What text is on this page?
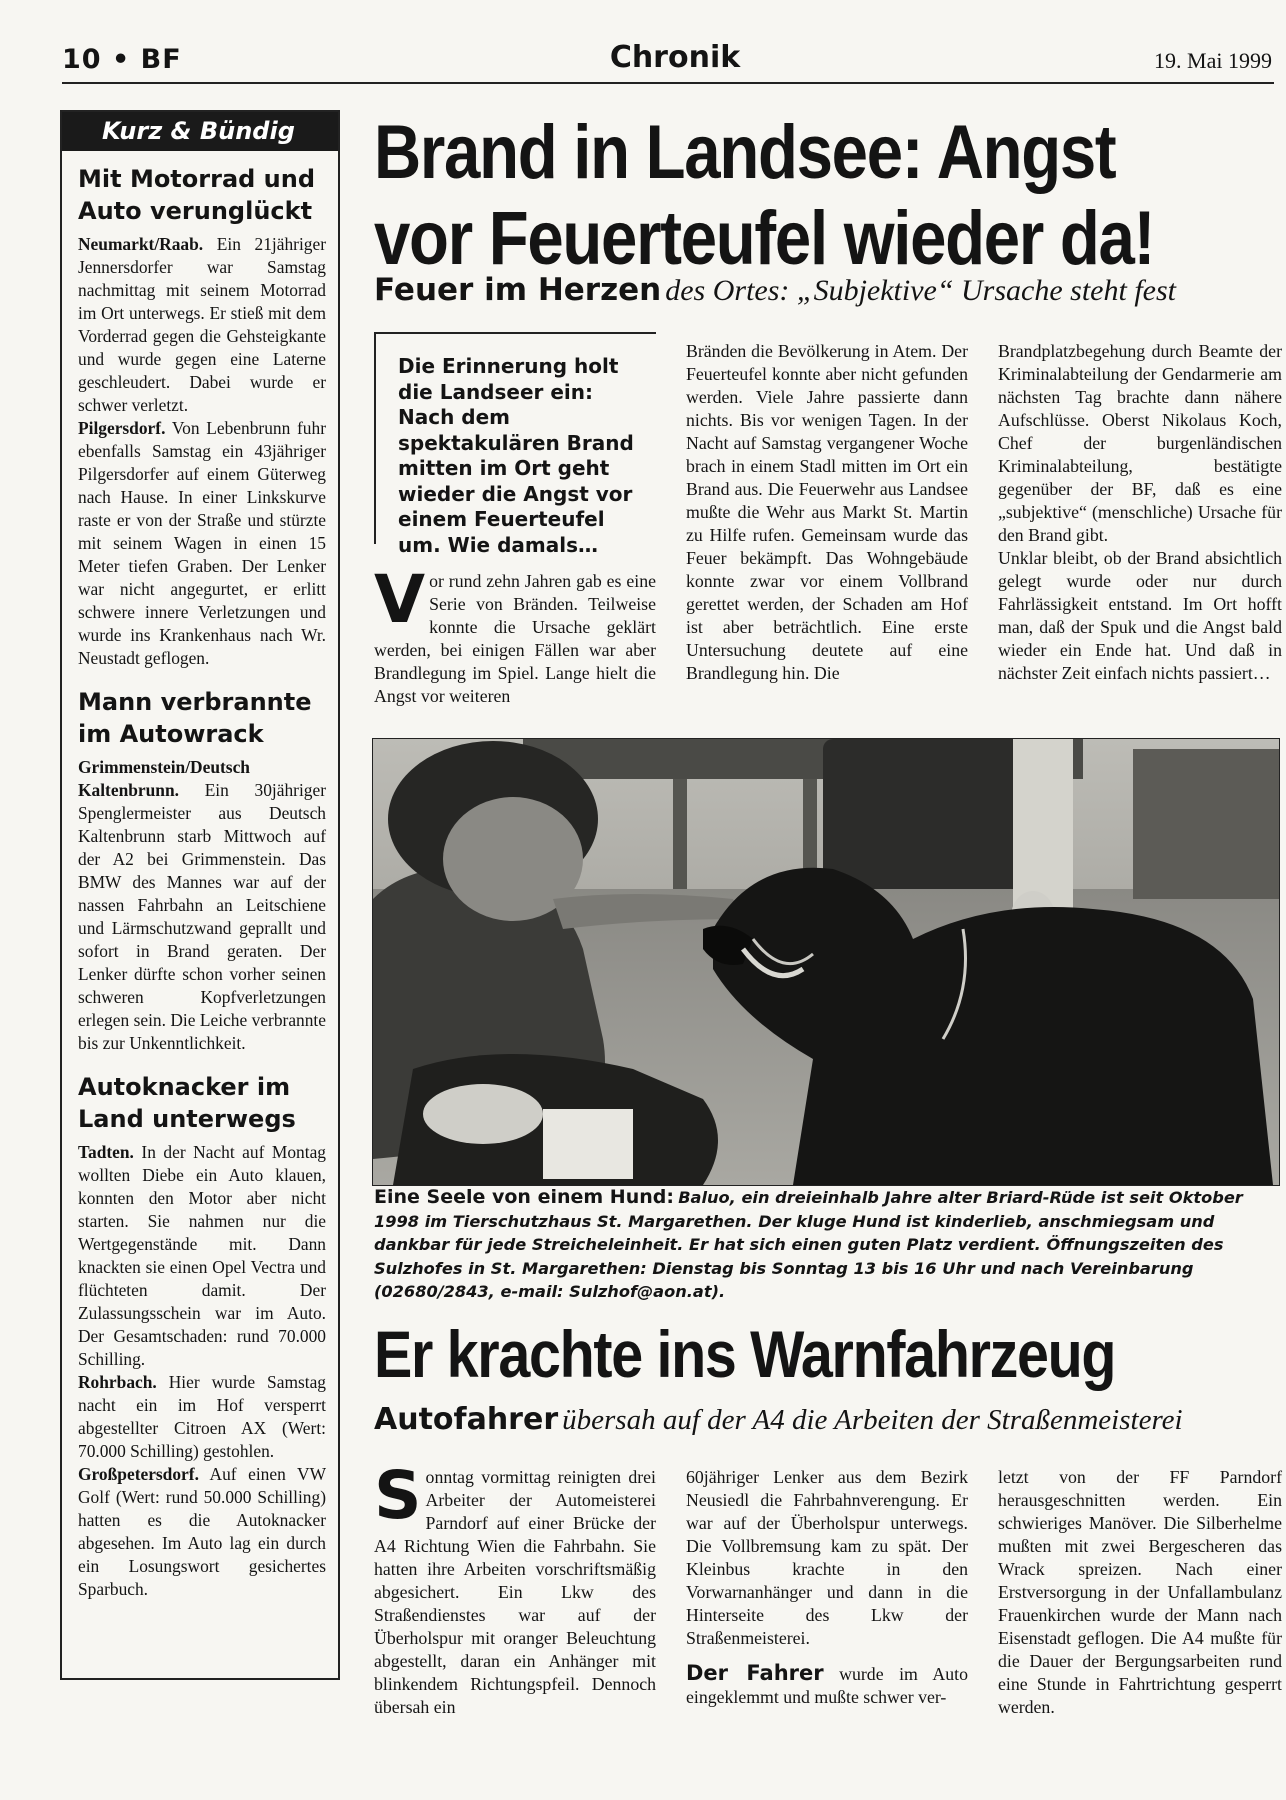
10 • BF	Chronik	19. Mai 1999
Kurz & Bündig
Mit Motorrad und Auto verunglückt
Neumarkt/Raab. Ein 21jähriger Jennersdorfer war Samstag nachmittag mit seinem Motorrad im Ort unterwegs. Er stieß mit dem Vorderrad gegen die Gehsteigkante und wurde gegen eine Laterne geschleudert. Dabei wurde er schwer verletzt.
Pilgersdorf. Von Lebenbrunn fuhr ebenfalls Samstag ein 43jähriger Pilgersdorfer auf einem Güterweg nach Hause. In einer Linkskurve raste er von der Straße und stürzte mit seinem Wagen in einen 15 Meter tiefen Graben. Der Lenker war nicht angegurtet, er erlitt schwere innere Verletzungen und wurde ins Krankenhaus nach Wr. Neustadt geflogen.
Mann verbrannte im Autowrack
Grimmenstein/Deutsch Kaltenbrunn. Ein 30jähriger Spenglermeister aus Deutsch Kaltenbrunn starb Mittwoch auf der A2 bei Grimmenstein. Das BMW des Mannes war auf der nassen Fahrbahn an Leitschiene und Lärmschutzwand geprallt und sofort in Brand geraten. Der Lenker dürfte schon vorher seinen schweren Kopfverletzungen erlegen sein. Die Leiche verbrannte bis zur Unkenntlichkeit.
Autoknacker im Land unterwegs
Tadten. In der Nacht auf Montag wollten Diebe ein Auto klauen, konnten den Motor aber nicht starten. Sie nahmen nur die Wertgegenstände mit. Dann knackten sie einen Opel Vectra und flüchteten damit. Der Zulassungsschein war im Auto. Der Gesamtschaden: rund 70.000 Schilling.
Rohrbach. Hier wurde Samstag nacht ein im Hof versperrt abgestellter Citroen AX (Wert: 70.000 Schilling) gestohlen.
Großpetersdorf. Auf einen VW Golf (Wert: rund 50.000 Schilling) hatten es die Autoknacker abgesehen. Im Auto lag ein durch ein Losungswort gesichertes Sparbuch.
Brand in Landsee: Angst
vor Feuerteufel wieder da!
Feuer im Herzen des Ortes: „Subjektive“ Ursache steht fest
Die Erinnerung holt die Landseer ein: Nach dem spektakulären Brand mitten im Ort geht wieder die Angst vor einem Feuerteufel um. Wie damals…
Vor rund zehn Jahren gab es eine Serie von Bränden. Teilweise konnte die Ursache geklärt werden, bei einigen Fällen war aber Brandlegung im Spiel. Lange hielt die Angst vor weiteren
Bränden die Bevölkerung in Atem. Der Feuerteufel konnte aber nicht gefunden werden. Viele Jahre passierte dann nichts. Bis vor wenigen Tagen. In der Nacht auf Samstag vergangener Woche brach in einem Stadl mitten im Ort ein Brand aus. Die Feuerwehr aus Landsee mußte die Wehr aus Markt St. Martin zu Hilfe rufen. Gemeinsam wurde das Feuer bekämpft. Das Wohngebäude konnte zwar vor einem Vollbrand gerettet werden, der Schaden am Hof ist aber beträchtlich. Eine erste Untersuchung deutete auf eine Brandlegung hin. Die
Brandplatzbegehung durch Beamte der Kriminalabteilung der Gendarmerie am nächsten Tag brachte dann nähere Aufschlüsse. Oberst Nikolaus Koch, Chef der burgenländischen Kriminalabteilung, bestätigte gegenüber der BF, daß es eine „subjektive“ (menschliche) Ursache für den Brand gibt.
Unklar bleibt, ob der Brand absichtlich gelegt wurde oder nur durch Fahrlässigkeit entstand. Im Ort hofft man, daß der Spuk und die Angst bald wieder ein Ende hat. Und daß in nächster Zeit einfach nichts passiert…
Eine Seele von einem Hund: Baluo, ein dreieinhalb Jahre alter Briard-Rüde ist seit Oktober 1998 im Tierschutzhaus St. Margarethen. Der kluge Hund ist kinderlieb, anschmiegsam und dankbar für jede Streicheleinheit. Er hat sich einen guten Platz verdient. Öffnungszeiten des Sulzhofes in St. Margarethen: Dienstag bis Sonntag 13 bis 16 Uhr und nach Vereinbarung (02680/2843, e-mail: Sulzhof@aon.at).
Er krachte ins Warnfahrzeug
Autofahrer übersah auf der A4 die Arbeiten der Straßenmeisterei
Sonntag vormittag reinigten drei Arbeiter der Automeisterei Parndorf auf einer Brücke der A4 Richtung Wien die Fahrbahn. Sie hatten ihre Arbeiten vorschriftsmäßig abgesichert. Ein Lkw des Straßendienstes war auf der Überholspur mit oranger Beleuchtung abgestellt, daran ein Anhänger mit blinkendem Richtungspfeil. Dennoch übersah ein
60jähriger Lenker aus dem Bezirk Neusiedl die Fahrbahnverengung. Er war auf der Überholspur unterwegs. Die Vollbremsung kam zu spät. Der Kleinbus krachte in den Vorwarnanhänger und dann in die Hinterseite des Lkw der Straßenmeisterei.
Der Fahrer wurde im Auto eingeklemmt und mußte schwer ver-
letzt von der FF Parndorf herausgeschnitten werden. Ein schwieriges Manöver. Die Silberhelme mußten mit zwei Bergescheren das Wrack spreizen. Nach einer Erstversorgung in der Unfallambulanz Frauenkirchen wurde der Mann nach Eisenstadt geflogen. Die A4 mußte für die Dauer der Bergungsarbeiten rund eine Stunde in Fahrtrichtung gesperrt werden.
